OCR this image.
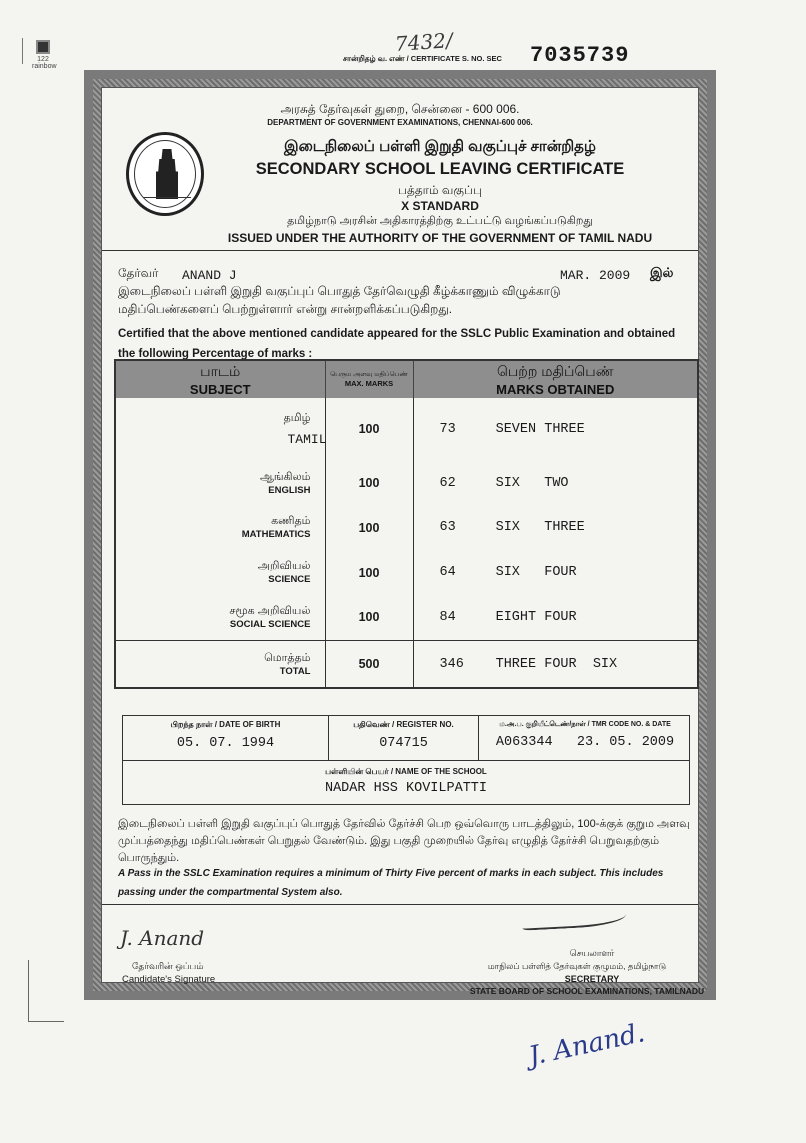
122
rainbow
7432/
சான்றிதழ் வ. எண் / CERTIFICATE S. NO. SEC 7035739
அரசுத் தேர்வுகள் துறை, சென்னை - 600 006.
DEPARTMENT OF GOVERNMENT EXAMINATIONS, CHENNAI-600 006.
இடைநிலைப் பள்ளி இறுதி வகுப்புச் சான்றிதழ்
SECONDARY SCHOOL LEAVING CERTIFICATE
பத்தாம் வகுப்பு
X STANDARD
தமிழ்நாடு அரசின் அதிகாரத்திற்கு உட்பட்டு வழங்கப்படுகிறது
ISSUED UNDER THE AUTHORITY OF THE GOVERNMENT OF TAMIL NADU
தேர்வர் ANAND J	MAR. 2009 இல்
இடைநிலைப் பள்ளி இறுதி வகுப்புப் பொதுத் தேர்வெழுதி கீழ்க்காணும் விழுக்காடு
மதிப்பெண்களைப் பெற்றுள்ளார் என்று சான்றளிக்கப்படுகிறது.
Certified that the above mentioned candidate appeared for the SSLC Public Examination and obtained the following Percentage of marks :
பாடம்
SUBJECT	பெரும அளவு மதிப்பெண்
MAX. MARKS	பெற்ற மதிப்பெண்
MARKS OBTAINED

தமிழ்
TAMIL	100	73 SEVEN THREE

ஆங்கிலம்
ENGLISH	100	62 SIX   TWO

கணிதம்
MATHEMATICS	100	63 SIX   THREE

அறிவியல்
SCIENCE	100	64 SIX   FOUR

சமூக அறிவியல்
SOCIAL SCIENCE	100	84 EIGHT FOUR

மொத்தம்
TOTAL	500	346 THREE FOUR  SIX
பிறந்த நாள் / DATE OF BIRTH
05. 07. 1994
பதிவெண் / REGISTER NO.
074715
ம.அ.ப. குறியீட்டெண்/நாள் / TMR CODE NO. & DATE
A063344   23. 05. 2009
பள்ளியின் பெயர் / NAME OF THE SCHOOL
NADAR HSS KOVILPATTI
இடைநிலைப் பள்ளி இறுதி வகுப்புப் பொதுத் தேர்வில் தேர்ச்சி பெற ஒவ்வொரு பாடத்திலும், 100-க்குக் குறும அளவு முப்பத்தைந்து மதிப்பெண்கள் பெறுதல் வேண்டும். இது பகுதி முறையில் தேர்வு எழுதித் தேர்ச்சி பெறுவதற்கும் பொருந்தும்.
A Pass in the SSLC Examination requires a minimum of Thirty Five percent of marks in each subject. This includes passing under the compartmental System also.
J. Anand
தேர்வரின் ஒப்பம்
Candidate's Signature
செயலாளர்
மாநிலப் பள்ளித் தேர்வுகள் குழுமம், தமிழ்நாடு
SECRETARY
STATE BOARD OF SCHOOL EXAMINATIONS, TAMILNADU
J. Anand.
